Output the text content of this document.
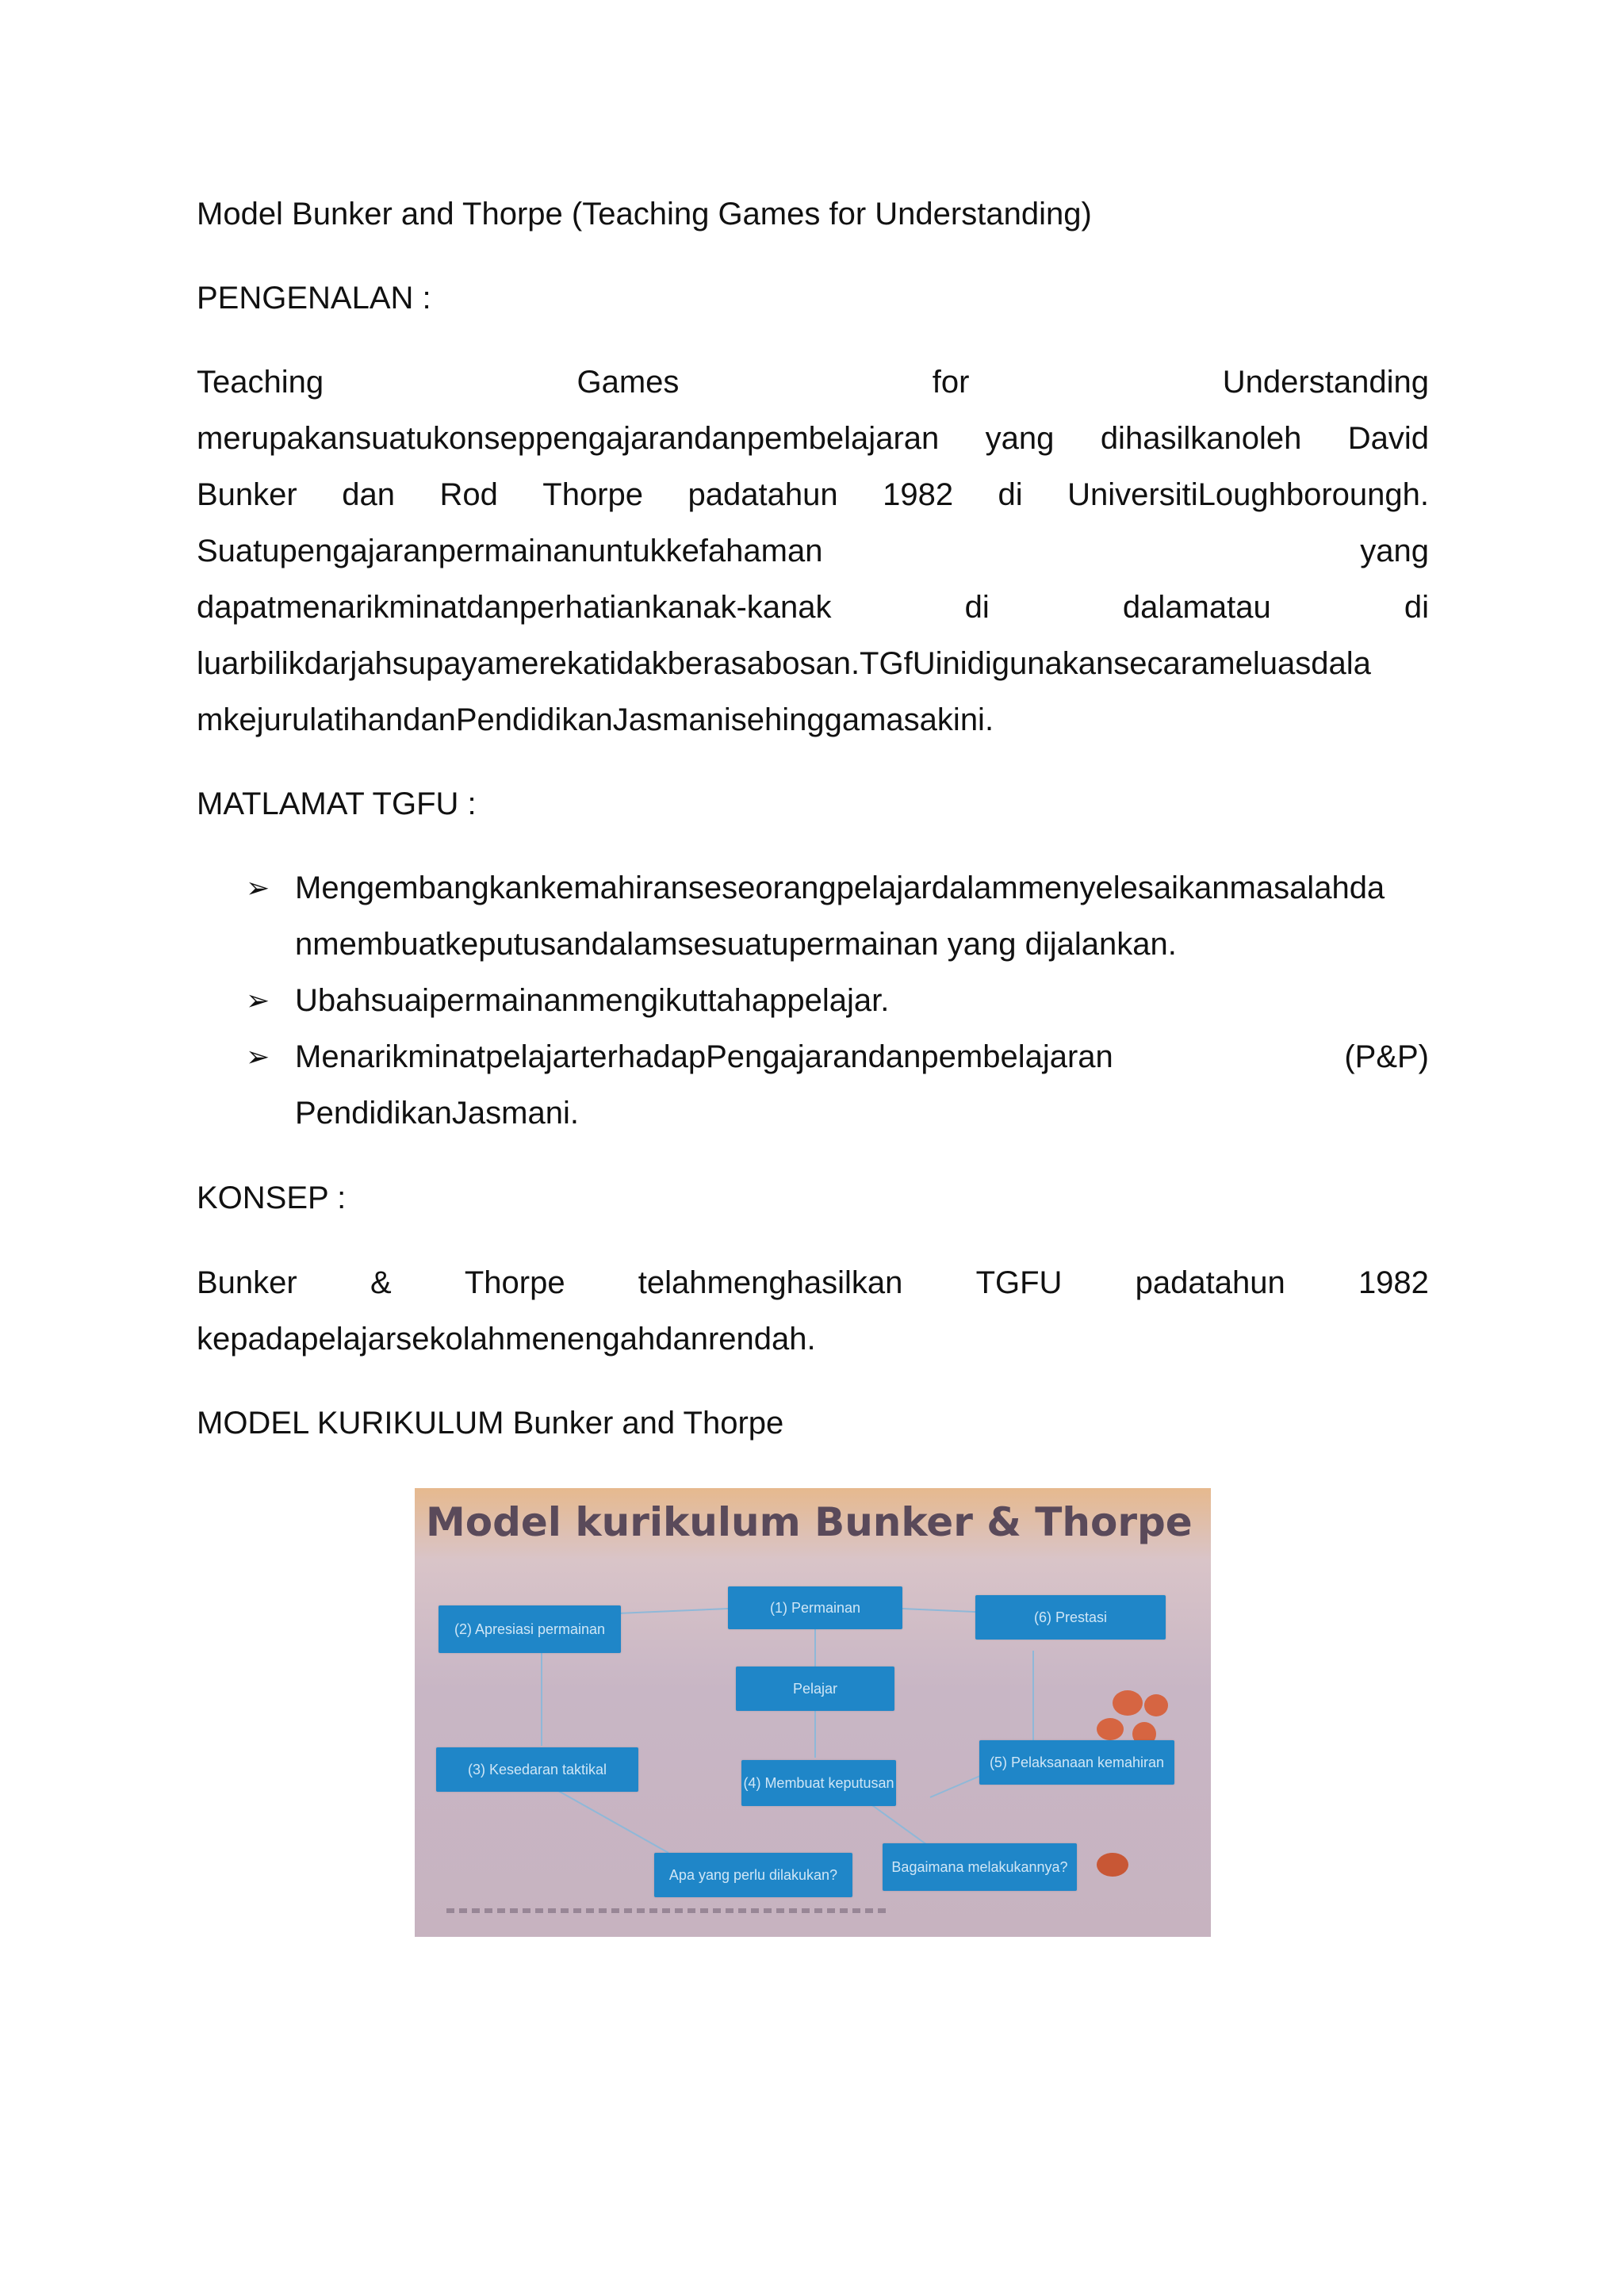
Model Bunker and Thorpe (Teaching Games for Understanding)
PENGENALAN :
Teaching	Games	for	Understanding
merupakansuatukonseppengajarandanpembelajaran yang dihasilkanoleh David
Bunker dan Rod Thorpe padatahun 1982 di UniversitiLoughboroungh.
Suatupengajaranpermainanuntukkefahaman	yang
dapatmenarikminatdanperhatiankanak-kanak	di	dalamatau	di
luarbilikdarjahsupayamerekatidakberasabosan.TGfUinidigunakansecarameluasdala
mkejurulatihandanPendidikanJasmanisehinggamasakini.
MATLAMAT TGFU :
➢ Mengembangkankemahiranseseorangpelajardalammenyelesaikanmasalahda
nmembuatkeputusandalamsesuatupermainan yang dijalankan.
➢ Ubahsuaipermainanmengikuttahappelajar.
➢ MenarikminatpelajarterhadapPengajarandanpembelajaran	(P&P)
PendidikanJasmani.
KONSEP :
Bunker & Thorpe telahmenghasilkan TGFU padatahun 1982
kepadapelajarsekolahmenengahdanrendah.
MODEL KURIKULUM Bunker and Thorpe
Model kurikulum Bunker & Thorpe
(1) Permainan
(2) Apresiasi permainan
(6) Prestasi
Pelajar
(3) Kesedaran taktikal
(4) Membuat keputusan
(5) Pelaksanaan kemahiran
Apa yang perlu dilakukan?	Bagaimana melakukannya?
